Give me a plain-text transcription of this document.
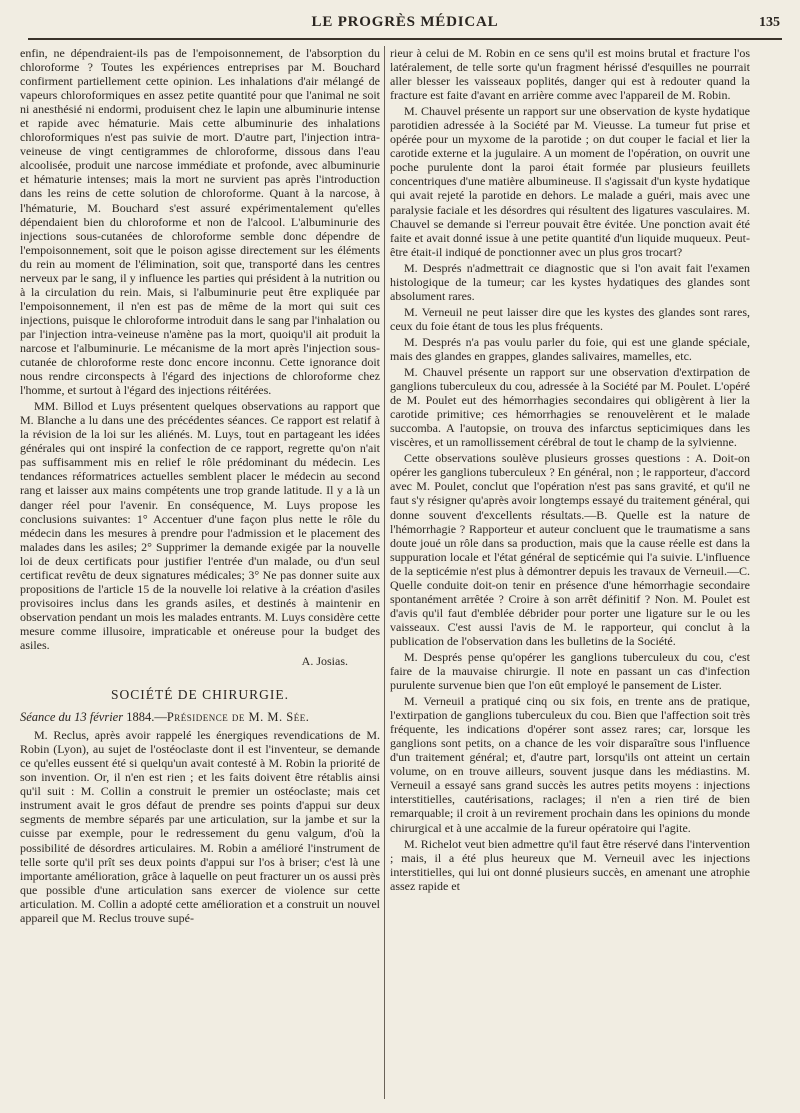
LE PROGRÈS MÉDICAL	135

enfin, ne dépendraient-ils pas de l'empoisonnement, de l'absorption du chloroforme ? Toutes les expériences entreprises par M. Bouchard confirment partiellement cette opinion. Les inhalations d'air mélangé de vapeurs chloroformiques en assez petite quantité pour que l'animal ne soit ni anesthésié ni endormi, produisent chez le lapin une albuminurie intense et rapide avec hématurie. Mais cette albuminurie des inhalations chloroformiques n'est pas suivie de mort. D'autre part, l'injection intra-veineuse de vingt centigrammes de chloroforme, dissous dans l'eau alcoolisée, produit une narcose immédiate et profonde, avec albuminurie et hématurie intenses; mais la mort ne survient pas après l'introduction dans les reins de cette solution de chloroforme. Quant à la narcose, à l'hématurie, M. Bouchard s'est assuré expérimentalement qu'elles dépendaient bien du chloroforme et non de l'alcool. L'albuminurie des injections sous-cutanées de chloroforme semble donc dépendre de l'empoisonnement, soit que le poison agisse directement sur les éléments du rein au moment de l'élimination, soit que, transporté dans les centres nerveux par le sang, il y influence les parties qui président à la nutrition ou à la circulation du rein. Mais, si l'albuminurie peut être expliquée par l'empoisonnement, il n'en est pas de même de la mort qui suit ces injections, puisque le chloroforme introduit dans le sang par l'inhalation ou par l'injection intra-veineuse n'amène pas la mort, quoiqu'il ait produit la narcose et l'albuminurie. Le mécanisme de la mort après l'injection sous-cutanée de chloroforme reste donc encore inconnu. Cette ignorance doit nous rendre circonspects à l'égard des injections de chloroforme chez l'homme, et surtout à l'égard des injections réitérées.

MM. Billod et Luys présentent quelques observations au rapport que M. Blanche a lu dans une des précédentes séances. Ce rapport est relatif à la révision de la loi sur les aliénés. M. Luys, tout en partageant les idées générales qui ont inspiré la confection de ce rapport, regrette qu'on n'ait pas suffisamment mis en relief le rôle prédominant du médecin. Les tendances réformatrices actuelles semblent placer le médecin au second rang et laisser aux mains compétents une trop grande latitude. Il y a là un danger réel pour l'avenir. En conséquence, M. Luys propose les conclusions suivantes: 1° Accentuer d'une façon plus nette le rôle du médecin dans les mesures à prendre pour l'admission et le placement des malades dans les asiles; 2° Supprimer la demande exigée par la nouvelle loi de deux certificats pour justifier l'entrée d'un malade, ou d'un seul certificat revêtu de deux signatures médicales; 3° Ne pas donner suite aux propositions de l'article 15 de la nouvelle loi relative à la création d'asiles provisoires inclus dans les grands asiles, et destinés à maintenir en observation pendant un mois les malades entrants. M. Luys considère cette mesure comme illusoire, impraticable et onéreuse pour la budget des asiles.

A. Josias.

SOCIÉTÉ DE CHIRURGIE.

Séance du 13 février 1884.—Présidence de M. M. Sée.

M. Reclus, après avoir rappelé les énergiques revendications de M. Robin (Lyon), au sujet de l'ostéoclaste dont il est l'inventeur, se demande ce qu'elles eussent été si quelqu'un avait contesté à M. Robin la priorité de son invention. Or, il n'en est rien ; et les faits doivent être rétablis ainsi qu'il suit : M. Collin a construit le premier un ostéoclaste; mais cet instrument avait le gros défaut de prendre ses points d'appui sur deux segments de membre séparés par une articulation, sur la jambe et sur la cuisse par exemple, pour le redressement du genu valgum, d'où la possibilité de désordres articulaires. M. Robin a amélioré l'instrument de telle sorte qu'il prît ses deux points d'appui sur l'os à briser; c'est là une importante amélioration, grâce à laquelle on peut fracturer un os aussi près que possible d'une articulation sans exercer de violence sur cette articulation. M. Collin a adopté cette amélioration et a construit un nouvel appareil que M. Reclus trouve supé-

rieur à celui de M. Robin en ce sens qu'il est moins brutal et fracture l'os latéralement, de telle sorte qu'un fragment hérissé d'esquilles ne pourrait aller blesser les vaisseaux poplités, danger qui est à redouter quand la fracture est faite d'avant en arrière comme avec l'appareil de M. Robin.

M. Chauvel présente un rapport sur une observation de kyste hydatique parotidien adressée à la Société par M. Vieusse. La tumeur fut prise et opérée pour un myxome de la parotide ; on dut couper le facial et lier la carotide externe et la jugulaire. A un moment de l'opération, on ouvrit une poche purulente dont la paroi était formée par plusieurs feuillets concentriques d'une matière albumineuse. Il s'agissait d'un kyste hydatique qui avait rejeté la parotide en dehors. Le malade a guéri, mais avec une paralysie faciale et les désordres qui résultent des ligatures vasculaires. M. Chauvel se demande si l'erreur pouvait être évitée. Une ponction avait été faite et avait donné issue à une petite quantité d'un liquide muqueux. Peut-être était-il indiqué de ponctionner avec un plus gros trocart?

M. Després n'admettrait ce diagnostic que si l'on avait fait l'examen histologique de la tumeur; car les kystes hydatiques des glandes sont absolument rares.

M. Verneuil ne peut laisser dire que les kystes des glandes sont rares, ceux du foie étant de tous les plus fréquents.

M. Després n'a pas voulu parler du foie, qui est une glande spéciale, mais des glandes en grappes, glandes salivaires, mamelles, etc.

M. Chauvel présente un rapport sur une observation d'extirpation de ganglions tuberculeux du cou, adressée à la Société par M. Poulet. L'opéré de M. Poulet eut des hémorrhagies secondaires qui obligèrent à lier la carotide primitive; ces hémorrhagies se renouvelèrent et le malade succomba. A l'autopsie, on trouva des infarctus septicimiques dans les viscères, et un ramollissement cérébral de tout le champ de la sylvienne.

Cette observations soulève plusieurs grosses questions : A. Doit-on opérer les ganglions tuberculeux ? En général, non ; le rapporteur, d'accord avec M. Poulet, conclut que l'opération n'est pas sans gravité, et qu'il ne faut s'y résigner qu'après avoir longtemps essayé du traitement général, qui donne souvent d'excellents résultats.—B. Quelle est la nature de l'hémorrhagie ? Rapporteur et auteur concluent que le traumatisme a sans doute joué un rôle dans sa production, mais que la cause réelle est dans la suppuration locale et l'état général de septicémie qui l'a suivie. L'influence de la septicémie n'est plus à démontrer depuis les travaux de Verneuil.—C. Quelle conduite doit-on tenir en présence d'une hémorrhagie secondaire spontanément arrêtée ? Croire à son arrêt définitif ? Non. M. Poulet est d'avis qu'il faut d'emblée débrider pour porter une ligature sur le ou les vaisseaux. C'est aussi l'avis de M. le rapporteur, qui conclut à la publication de l'observation dans les bulletins de la Société.

M. Després pense qu'opérer les ganglions tuberculeux du cou, c'est faire de la mauvaise chirurgie. Il note en passant un cas d'infection purulente survenue bien que l'on eût employé le pansement de Lister.

M. Verneuil a pratiqué cinq ou six fois, en trente ans de pratique, l'extirpation de ganglions tuberculeux du cou. Bien que l'affection soit très fréquente, les indications d'opérer sont assez rares; car, lorsque les ganglions sont petits, on a chance de les voir disparaître sous l'influence d'un traitement général; et, d'autre part, lorsqu'ils ont atteint un certain volume, on en trouve ailleurs, souvent jusque dans les médiastins. M. Verneuil a essayé sans grand succès les autres petits moyens : injections interstitielles, cautérisations, raclages; il n'en a rien tiré de bien remarquable; il croit à un revirement prochain dans les opinions du monde chirurgical et à une accalmie de la fureur opératoire qui l'agite.

M. Richelot veut bien admettre qu'il faut être réservé dans l'intervention ; mais, il a été plus heureux que M. Verneuil avec les injections interstitielles, qui lui ont donné plusieurs succès, en amenant une atrophie assez rapide et
